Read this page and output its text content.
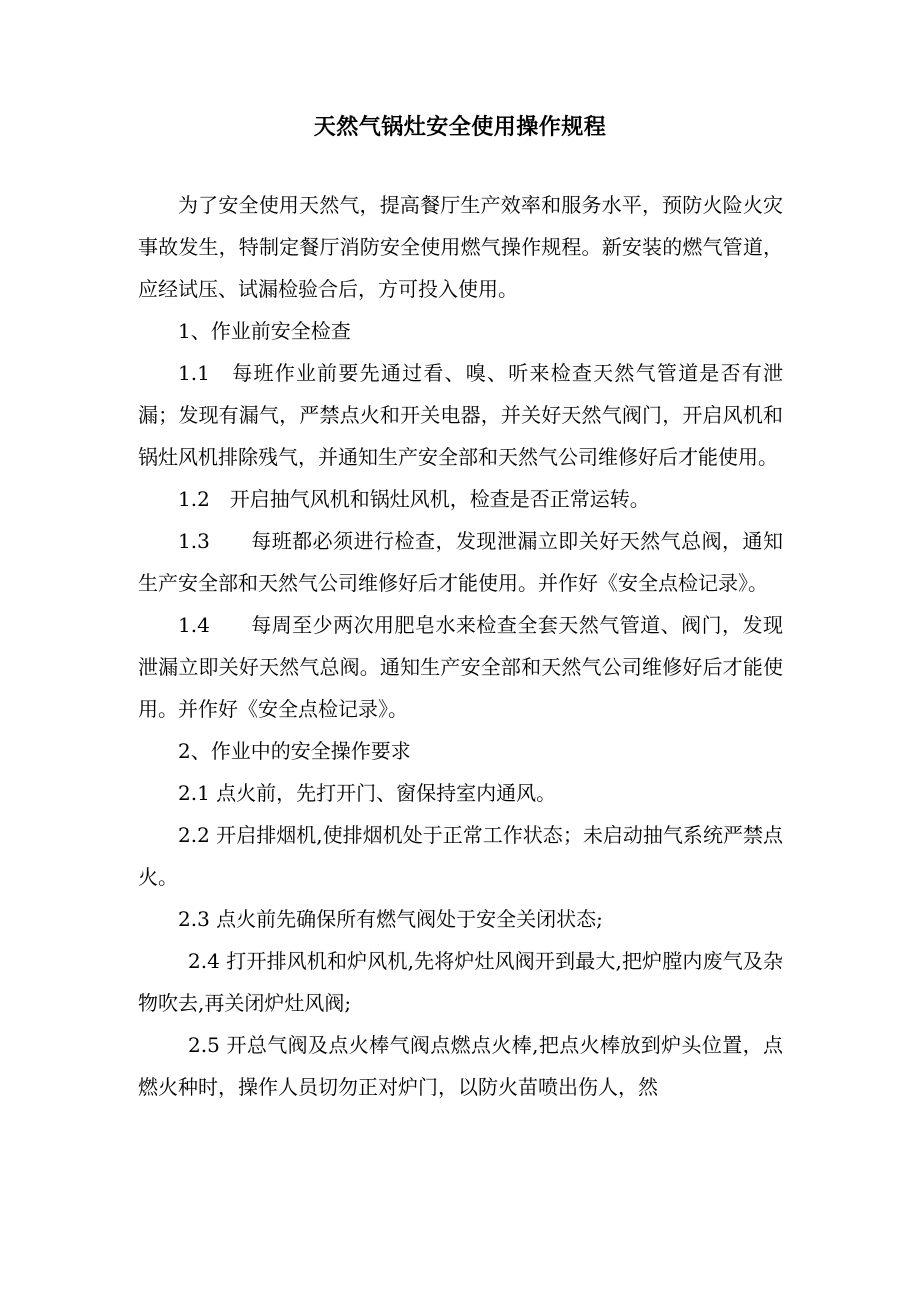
天然气锅灶安全使用操作规程

为了安全使用天然气，提高餐厅生产效率和服务水平，预防火险火灾事故发生，特制定餐厅消防安全使用燃气操作规程。新安装的燃气管道，应经试压、试漏检验合后，方可投入使用。

1、作业前安全检查

1.1　每班作业前要先通过看、嗅、听来检查天然气管道是否有泄漏；发现有漏气，严禁点火和开关电器，并关好天然气阀门，开启风机和锅灶风机排除残气，并通知生产安全部和天然气公司维修好后才能使用。

1.2　开启抽气风机和锅灶风机，检查是否正常运转。

1.3　　每班都必须进行检查，发现泄漏立即关好天然气总阀，通知生产安全部和天然气公司维修好后才能使用。并作好《安全点检记录》。

1.4　　每周至少两次用肥皂水来检查全套天然气管道、阀门，发现泄漏立即关好天然气总阀。通知生产安全部和天然气公司维修好后才能使用。并作好《安全点检记录》。

2、作业中的安全操作要求

2.1 点火前，先打开门、窗保持室内通风。

2.2 开启排烟机,使排烟机处于正常工作状态；未启动抽气系统严禁点火。

2.3 点火前先确保所有燃气阀处于安全关闭状态;

2.4 打开排风机和炉风机,先将炉灶风阀开到最大,把炉膛内废气及杂物吹去,再关闭炉灶风阀;

2.5 开总气阀及点火棒气阀点燃点火棒,把点火棒放到炉头位置，点燃火种时，操作人员切勿正对炉门，以防火苗喷出伤人，然
